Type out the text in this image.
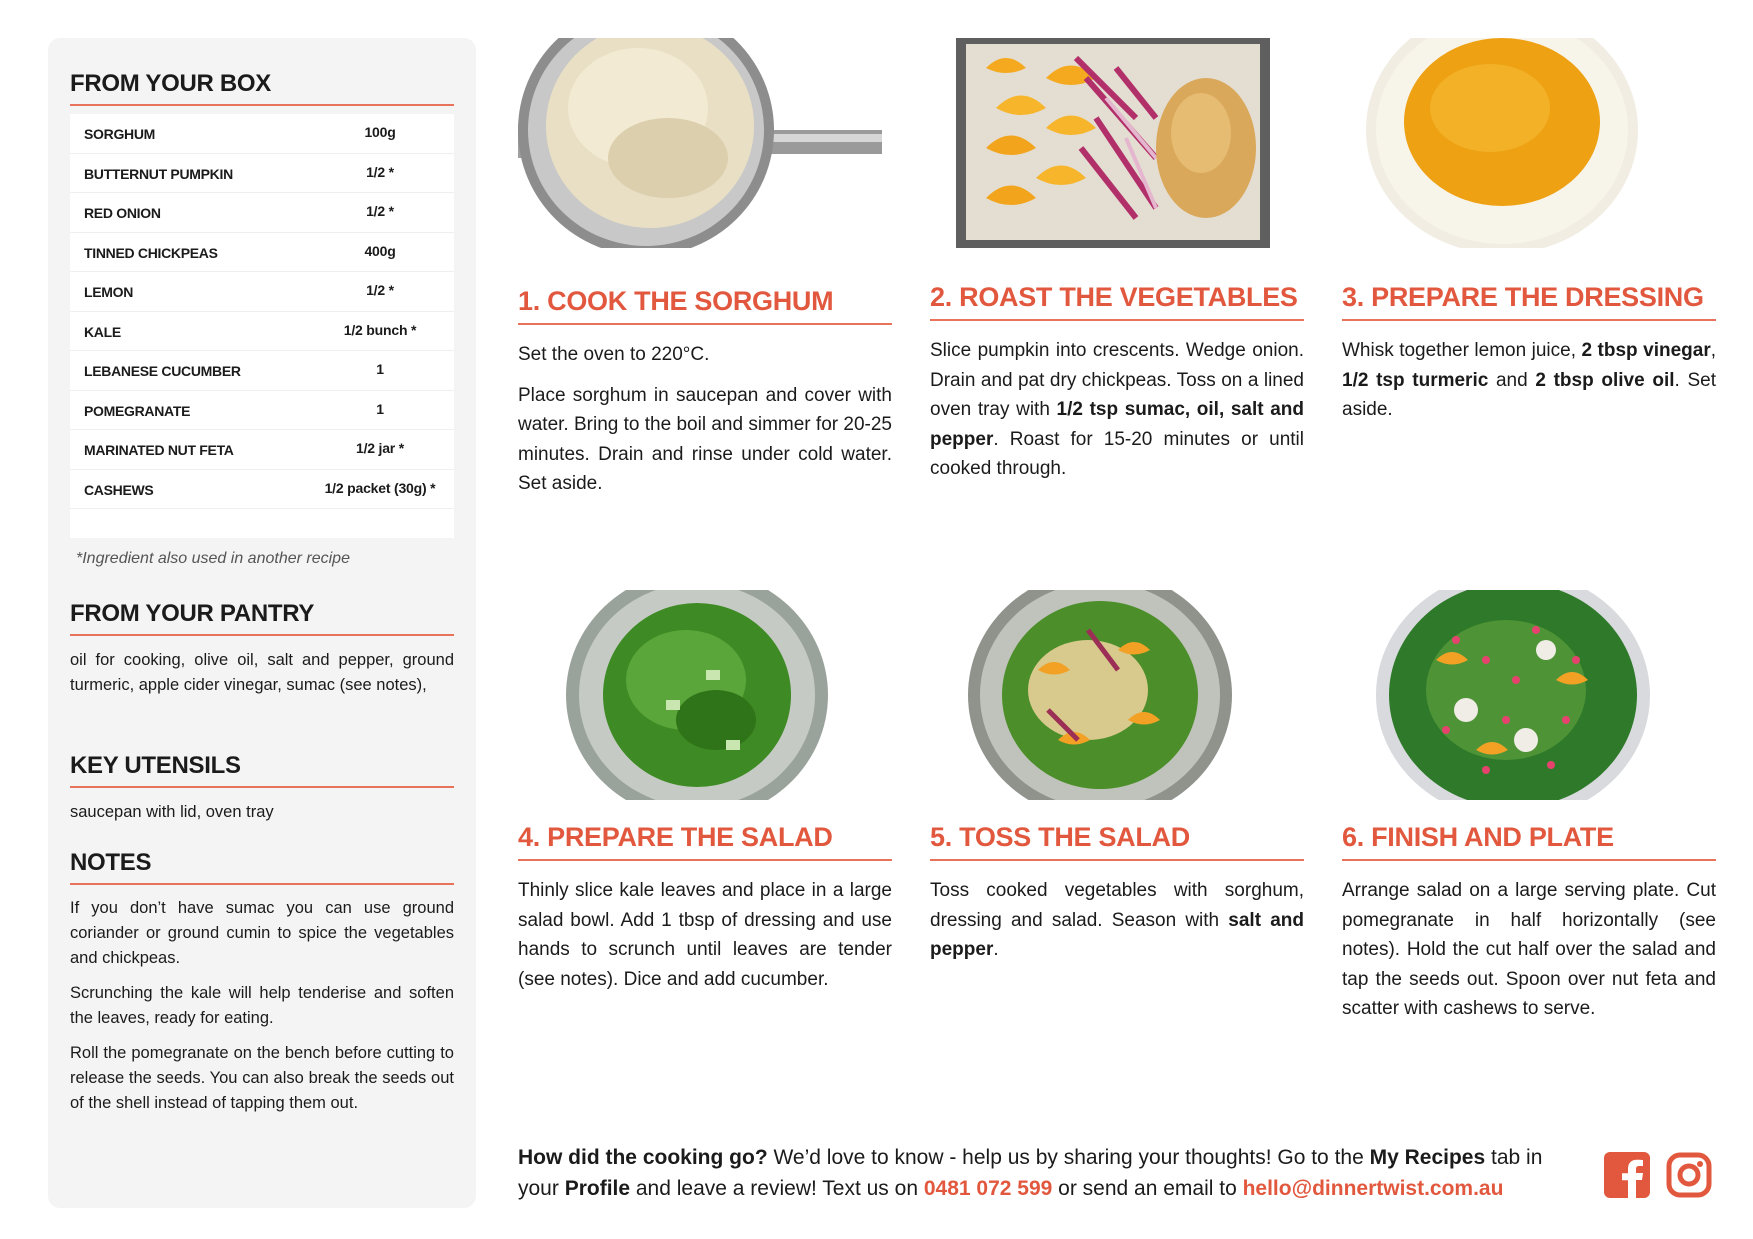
FROM YOUR BOX
SORGHUM	100g
BUTTERNUT PUMPKIN	1/2 *
RED ONION	1/2 *
TINNED CHICKPEAS	400g
LEMON	1/2 *
KALE	1/2 bunch *
LEBANESE CUCUMBER	1
POMEGRANATE	1
MARINATED NUT FETA	1/2 jar *
CASHEWS	1/2 packet (30g) *
*Ingredient also used in another recipe
FROM YOUR PANTRY
oil for cooking, olive oil, salt and pepper, ground turmeric, apple cider vinegar, sumac (see notes),
KEY UTENSILS
saucepan with lid, oven tray
NOTES

If you don’t have sumac you can use ground coriander or ground cumin to spice the vegetables and chickpeas.

Scrunching the kale will help tenderise and soften the leaves, ready for eating.

Roll the pomegranate on the bench before cutting to release the seeds. You can also break the seeds out of the shell instead of tapping them out.

1. COOK THE SORGHUM

Set the oven to 220°C.

Place sorghum in saucepan and cover with water. Bring to the boil and simmer for 20-25 minutes. Drain and rinse under cold water. Set aside.

2. ROAST THE VEGETABLES

Slice pumpkin into crescents. Wedge onion. Drain and pat dry chickpeas. Toss on a lined oven tray with 1/2 tsp sumac, oil, salt and pepper. Roast for 15-20 minutes or until cooked through.

3. PREPARE THE DRESSING

Whisk together lemon juice, 2 tbsp vinegar, 1/2 tsp turmeric and 2 tbsp olive oil. Set aside.

4. PREPARE THE SALAD

Thinly slice kale leaves and place in a large salad bowl. Add 1 tbsp of dressing and use hands to scrunch until leaves are tender (see notes). Dice and add cucumber.

5. TOSS THE SALAD

Toss cooked vegetables with sorghum, dressing and salad. Season with salt and pepper.

6. FINISH AND PLATE

Arrange salad on a large serving plate. Cut pomegranate in half horizontally (see notes). Hold the cut half over the salad and tap the seeds out. Spoon over nut feta and scatter with cashews to serve.

How did the cooking go? We’d love to know - help us by sharing your thoughts! Go to the My Recipes tab in your Profile and leave a review! Text us on 0481 072 599 or send an email to hello@dinnertwist.com.au
